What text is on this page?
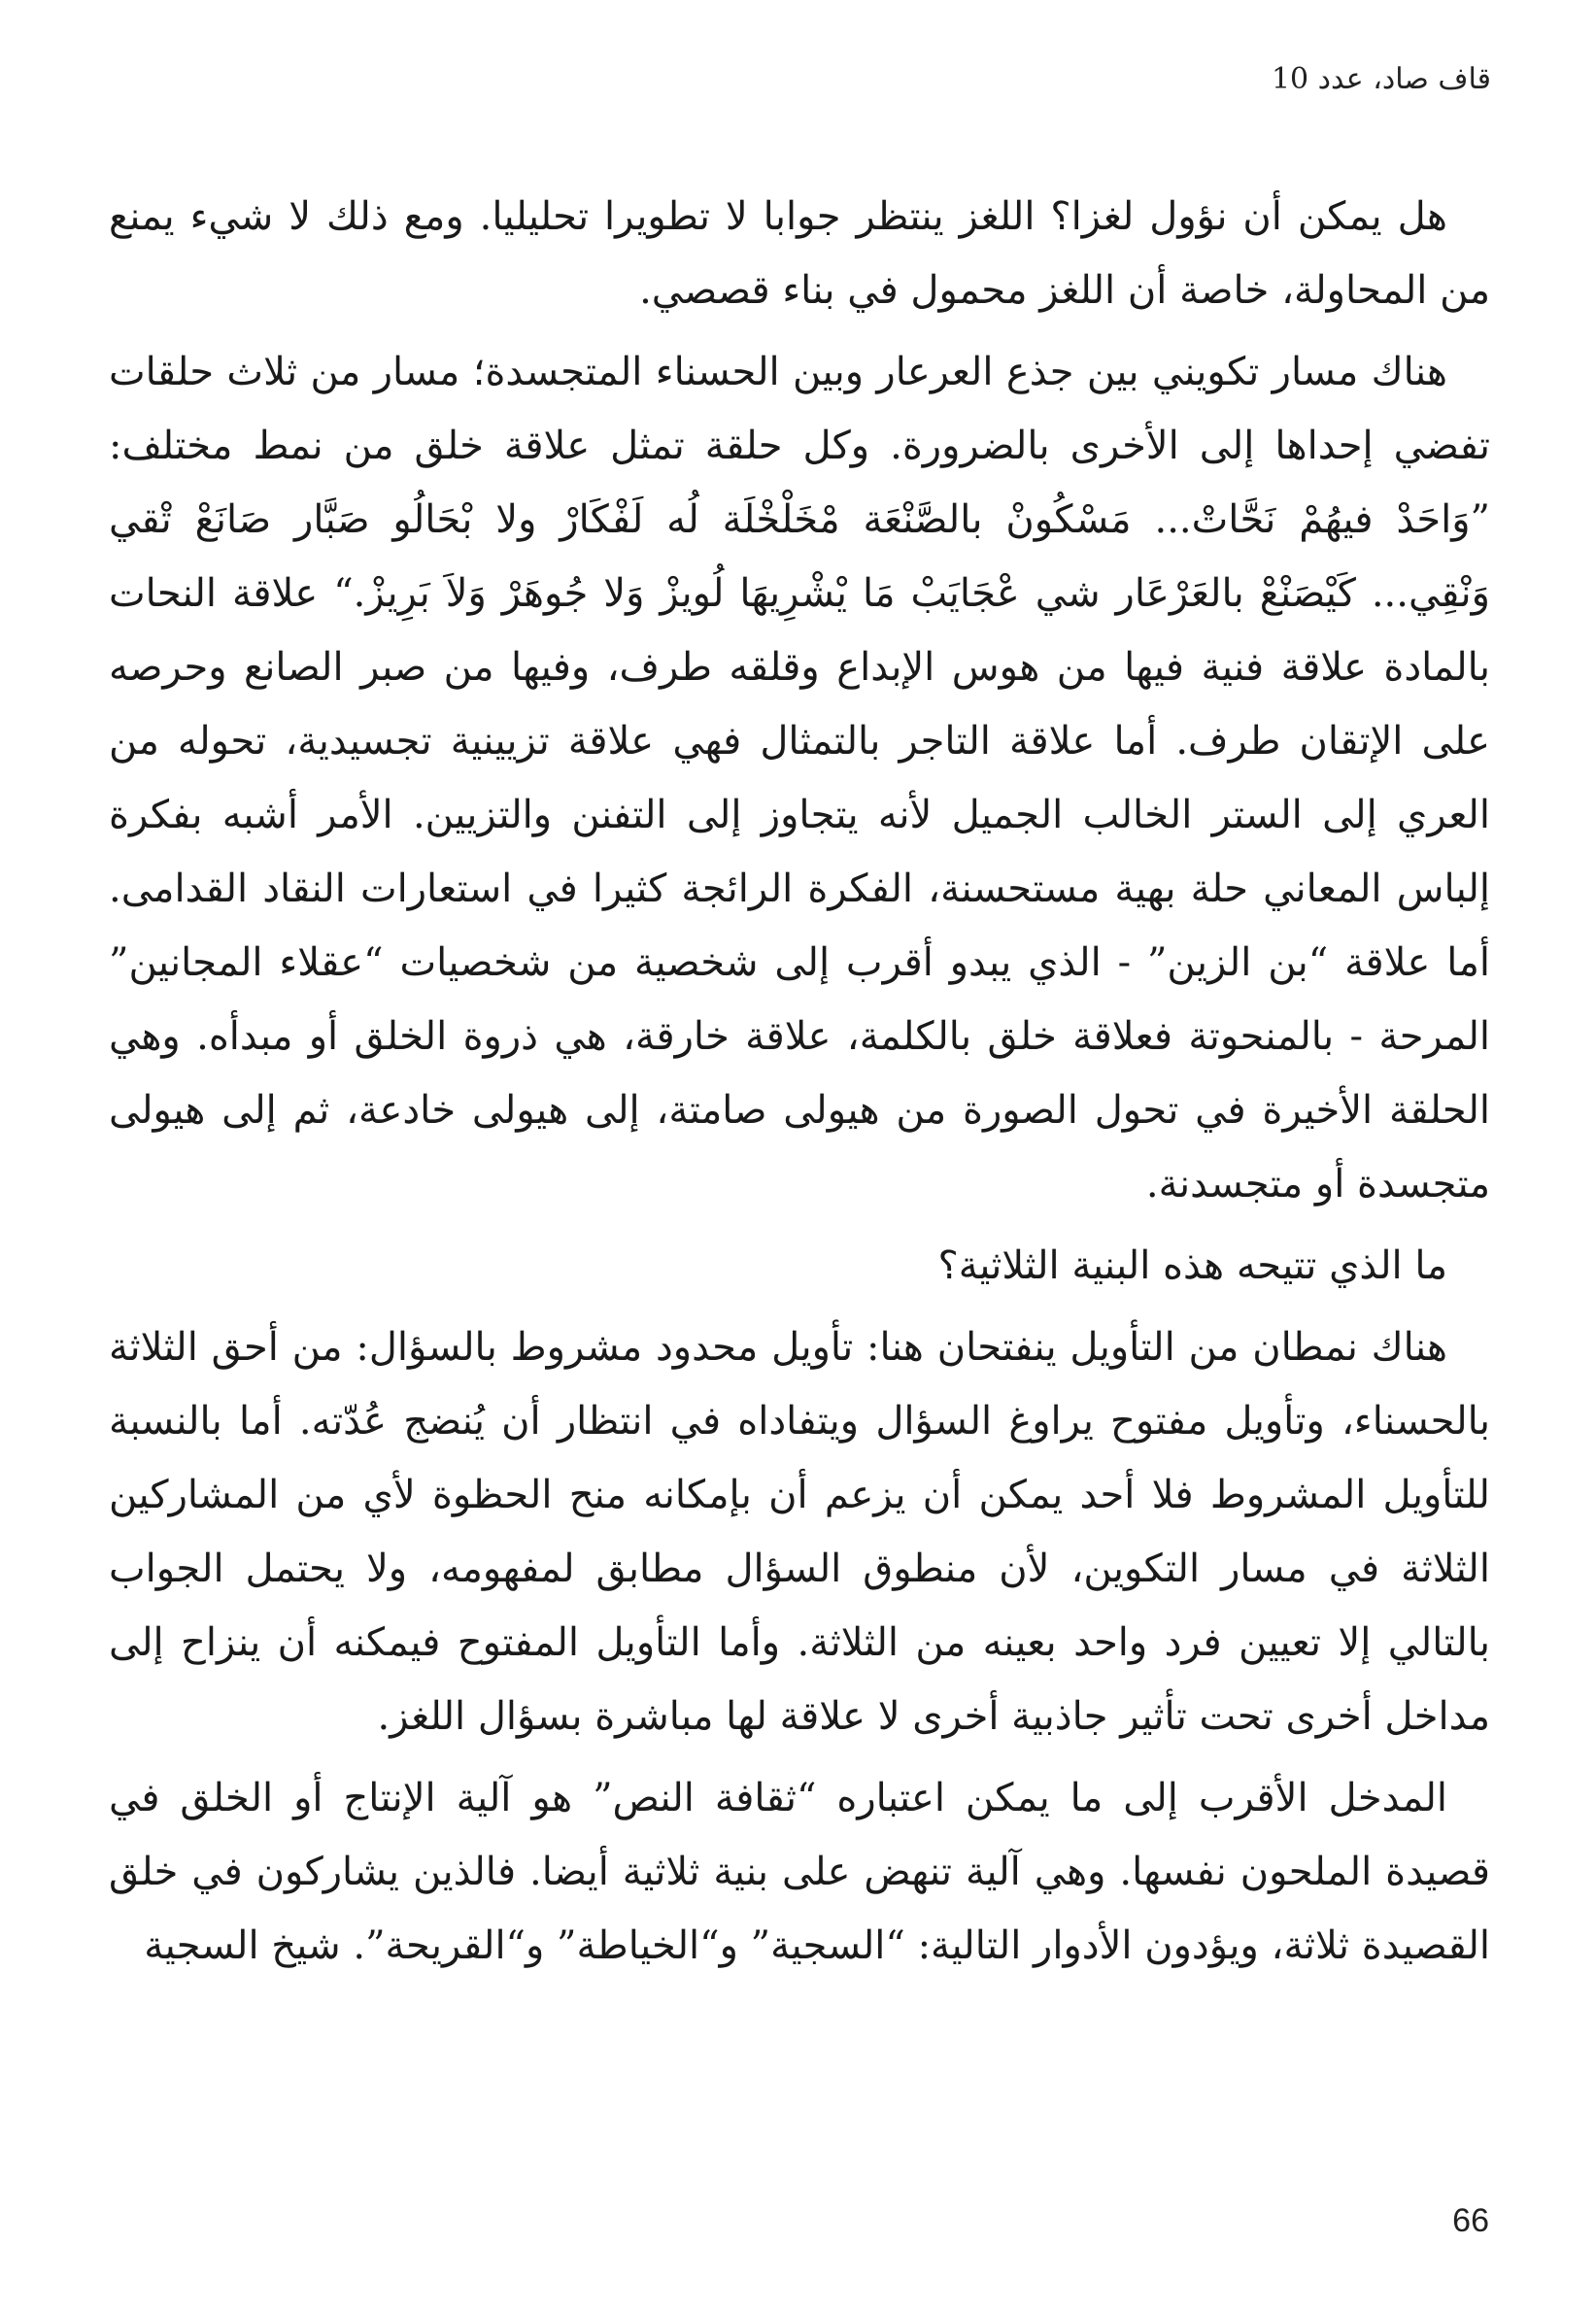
قاف صاد، عدد 10

هل يمكن أن نؤول لغزا؟ اللغز ينتظر جوابا لا تطويرا تحليليا. ومع ذلك لا شيء يمنع من المحاولة، خاصة أن اللغز محمول في بناء قصصي.

هناك مسار تكويني بين جذع العرعار وبين الحسناء المتجسدة؛ مسار من ثلاث حلقات تفضي إحداها إلى الأخرى بالضرورة. وكل حلقة تمثل علاقة خلق من نمط مختلف: ”وَاحَدْ فيهُمْ نَحَّاتْ... مَسْكُونْ بالصَّنْعَة مْخَلْخْلَة لُه لَفْكَارْ ولا بْحَالُو صَبَّار صَانَعْ تْقي وَنْقِي... كَيْصَنْعْ بالعَرْعَار شي عْجَايَبْ مَا يْشْرِيهَا لُويزْ وَلا جُوهَرْ وَلاَ بَرِيزْ.“ علاقة النحات بالمادة علاقة فنية فيها من هوس الإبداع وقلقه طرف، وفيها من صبر الصانع وحرصه على الإتقان طرف. أما علاقة التاجر بالتمثال فهي علاقة تزيينية تجسيدية، تحوله من العري إلى الستر الخالب الجميل لأنه يتجاوز إلى التفنن والتزيين. الأمر أشبه بفكرة إلباس المعاني حلة بهية مستحسنة، الفكرة الرائجة كثيرا في استعارات النقاد القدامى. أما علاقة “بن الزين” - الذي يبدو أقرب إلى شخصية من شخصيات “عقلاء المجانين” المرحة - بالمنحوتة فعلاقة خلق بالكلمة، علاقة خارقة، هي ذروة الخلق أو مبدأه. وهي الحلقة الأخيرة في تحول الصورة من هيولى صامتة، إلى هيولى خادعة، ثم إلى هيولى متجسدة أو متجسدنة.

ما الذي تتيحه هذه البنية الثلاثية؟

هناك نمطان من التأويل ينفتحان هنا: تأويل محدود مشروط بالسؤال: من أحق الثلاثة بالحسناء، وتأويل مفتوح يراوغ السؤال ويتفاداه في انتظار أن يُنضج عُدّته. أما بالنسبة للتأويل المشروط فلا أحد يمكن أن يزعم أن بإمكانه منح الحظوة لأي من المشاركين الثلاثة في مسار التكوين، لأن منطوق السؤال مطابق لمفهومه، ولا يحتمل الجواب بالتالي إلا تعيين فرد واحد بعينه من الثلاثة. وأما التأويل المفتوح فيمكنه أن ينزاح إلى مداخل أخرى تحت تأثير جاذبية أخرى لا علاقة لها مباشرة بسؤال اللغز.

المدخل الأقرب إلى ما يمكن اعتباره “ثقافة النص” هو آلية الإنتاج أو الخلق في قصيدة الملحون نفسها. وهي آلية تنهض على بنية ثلاثية أيضا. فالذين يشاركون في خلق القصيدة ثلاثة، ويؤدون الأدوار التالية: “السجية” و“الخياطة” و“القريحة”. شيخ السجية

66
